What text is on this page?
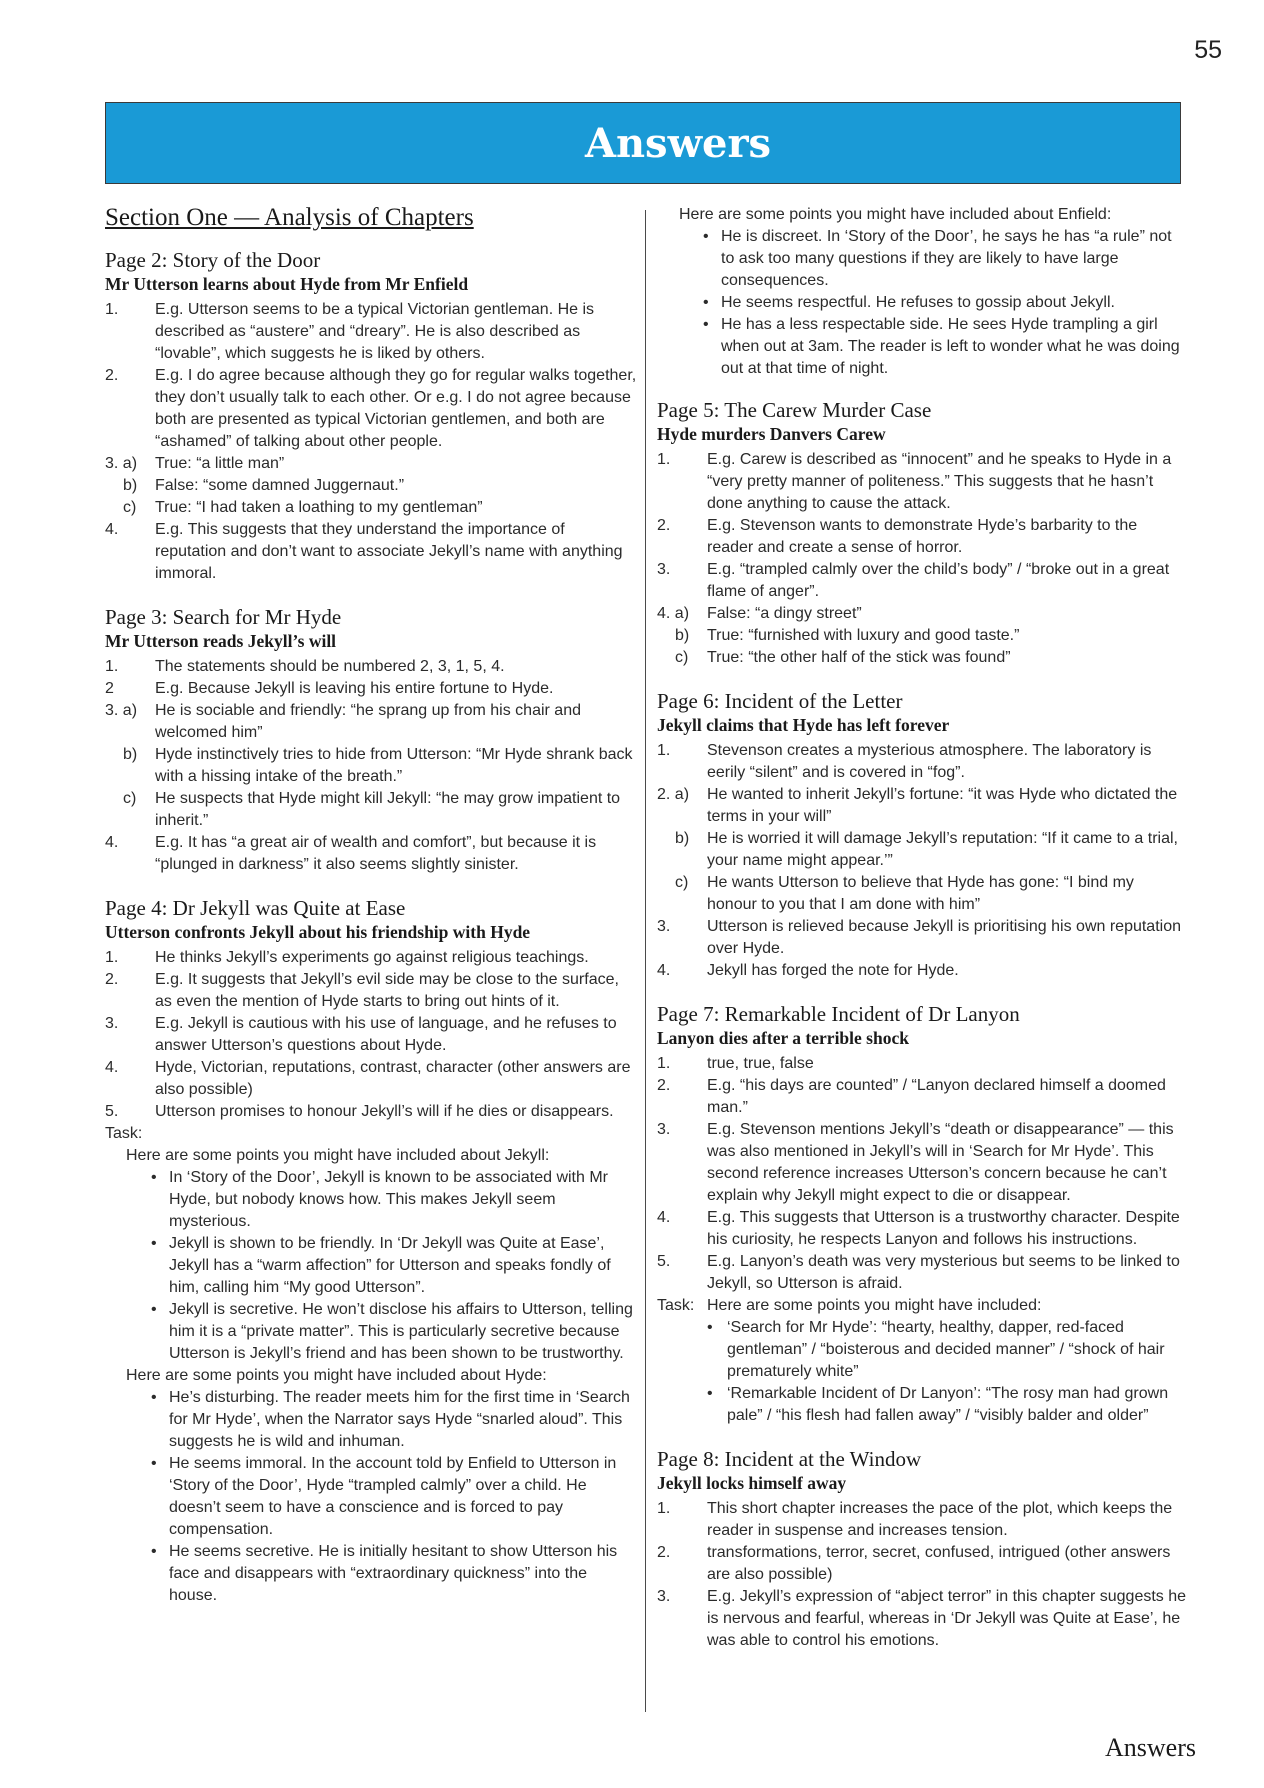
55
Answers
Section One — Analysis of Chapters
Page 2: Story of the Door
Mr Utterson learns about Hyde from Mr Enfield
1.	E.g. Utterson seems to be a typical Victorian gentleman. He is described as “austere” and “dreary”. He is also described as “lovable”, which suggests he is liked by others.
2.	E.g. I do agree because although they go for regular walks together, they don’t usually talk to each other. Or e.g. I do not agree because both are presented as typical Victorian gentlemen, and both are “ashamed” of talking about other people.
3. a)	True: “a little man”
b)	False: “some damned Juggernaut.”
c)	True: “I had taken a loathing to my gentleman”
4.	E.g. This suggests that they understand the importance of reputation and don’t want to associate Jekyll’s name with anything immoral.
Page 3: Search for Mr Hyde
Mr Utterson reads Jekyll’s will
1.	The statements should be numbered 2, 3, 1, 5, 4.
2	E.g. Because Jekyll is leaving his entire fortune to Hyde.
3. a)	He is sociable and friendly: “he sprang up from his chair and welcomed him”
b)	Hyde instinctively tries to hide from Utterson: “Mr Hyde shrank back with a hissing intake of the breath.”
c)	He suspects that Hyde might kill Jekyll: “he may grow impatient to inherit.”
4.	E.g. It has “a great air of wealth and comfort”, but because it is “plunged in darkness” it also seems slightly sinister.
Page 4: Dr Jekyll was Quite at Ease
Utterson confronts Jekyll about his friendship with Hyde
1.	He thinks Jekyll’s experiments go against religious teachings.
2.	E.g. It suggests that Jekyll’s evil side may be close to the surface, as even the mention of Hyde starts to bring out hints of it.
3.	E.g. Jekyll is cautious with his use of language, and he refuses to answer Utterson’s questions about Hyde.
4.	Hyde, Victorian, reputations, contrast, character (other answers are also possible)
5.	Utterson promises to honour Jekyll’s will if he dies or disappears.
Task:
Here are some points you might have included about Jekyll:
• In ‘Story of the Door’, Jekyll is known to be associated with Mr Hyde, but nobody knows how. This makes Jekyll seem mysterious.
• Jekyll is shown to be friendly. In ‘Dr Jekyll was Quite at Ease’, Jekyll has a “warm affection” for Utterson and speaks fondly of him, calling him “My good Utterson”.
• Jekyll is secretive. He won’t disclose his affairs to Utterson, telling him it is a “private matter”. This is particularly secretive because Utterson is Jekyll’s friend and has been shown to be trustworthy.
Here are some points you might have included about Hyde:
• He’s disturbing. The reader meets him for the first time in ‘Search for Mr Hyde’, when the Narrator says Hyde “snarled aloud”. This suggests he is wild and inhuman.
• He seems immoral. In the account told by Enfield to Utterson in ‘Story of the Door’, Hyde “trampled calmly” over a child. He doesn’t seem to have a conscience and is forced to pay compensation.
• He seems secretive. He is initially hesitant to show Utterson his face and disappears with “extraordinary quickness” into the house.
Here are some points you might have included about Enfield:
• He is discreet. In ‘Story of the Door’, he says he has “a rule” not to ask too many questions if they are likely to have large consequences.
• He seems respectful. He refuses to gossip about Jekyll.
• He has a less respectable side. He sees Hyde trampling a girl when out at 3am. The reader is left to wonder what he was doing out at that time of night.
Page 5: The Carew Murder Case
Hyde murders Danvers Carew
1.	E.g. Carew is described as “innocent” and he speaks to Hyde in a “very pretty manner of politeness.” This suggests that he hasn’t done anything to cause the attack.
2.	E.g. Stevenson wants to demonstrate Hyde’s barbarity to the reader and create a sense of horror.
3.	E.g. “trampled calmly over the child’s body” / “broke out in a great flame of anger”.
4. a)	False: “a dingy street”
b)	True: “furnished with luxury and good taste.”
c)	True: “the other half of the stick was found”
Page 6: Incident of the Letter
Jekyll claims that Hyde has left forever
1.	Stevenson creates a mysterious atmosphere. The laboratory is eerily “silent” and is covered in “fog”.
2. a)	He wanted to inherit Jekyll’s fortune: “it was Hyde who dictated the terms in your will”
b)	He is worried it will damage Jekyll’s reputation: “If it came to a trial, your name might appear.’”
c)	He wants Utterson to believe that Hyde has gone: “I bind my honour to you that I am done with him”
3.	Utterson is relieved because Jekyll is prioritising his own reputation over Hyde.
4.	Jekyll has forged the note for Hyde.
Page 7: Remarkable Incident of Dr Lanyon
Lanyon dies after a terrible shock
1.	true, true, false
2.	E.g. “his days are counted” / “Lanyon declared himself a doomed man.”
3.	E.g. Stevenson mentions Jekyll’s “death or disappearance” — this was also mentioned in Jekyll’s will in ‘Search for Mr Hyde’. This second reference increases Utterson’s concern because he can’t explain why Jekyll might expect to die or disappear.
4.	E.g. This suggests that Utterson is a trustworthy character. Despite his curiosity, he respects Lanyon and follows his instructions.
5.	E.g. Lanyon’s death was very mysterious but seems to be linked to Jekyll, so Utterson is afraid.
Task: Here are some points you might have included:
• ‘Search for Mr Hyde’: “hearty, healthy, dapper, red-faced gentleman” / “boisterous and decided manner” / “shock of hair prematurely white”
• ‘Remarkable Incident of Dr Lanyon’: “The rosy man had grown pale” / “his flesh had fallen away” / “visibly balder and older”
Page 8: Incident at the Window
Jekyll locks himself away
1.	This short chapter increases the pace of the plot, which keeps the reader in suspense and increases tension.
2.	transformations, terror, secret, confused, intrigued (other answers are also possible)
3.	E.g. Jekyll’s expression of “abject terror” in this chapter suggests he is nervous and fearful, whereas in ‘Dr Jekyll was Quite at Ease’, he was able to control his emotions.
Answers
